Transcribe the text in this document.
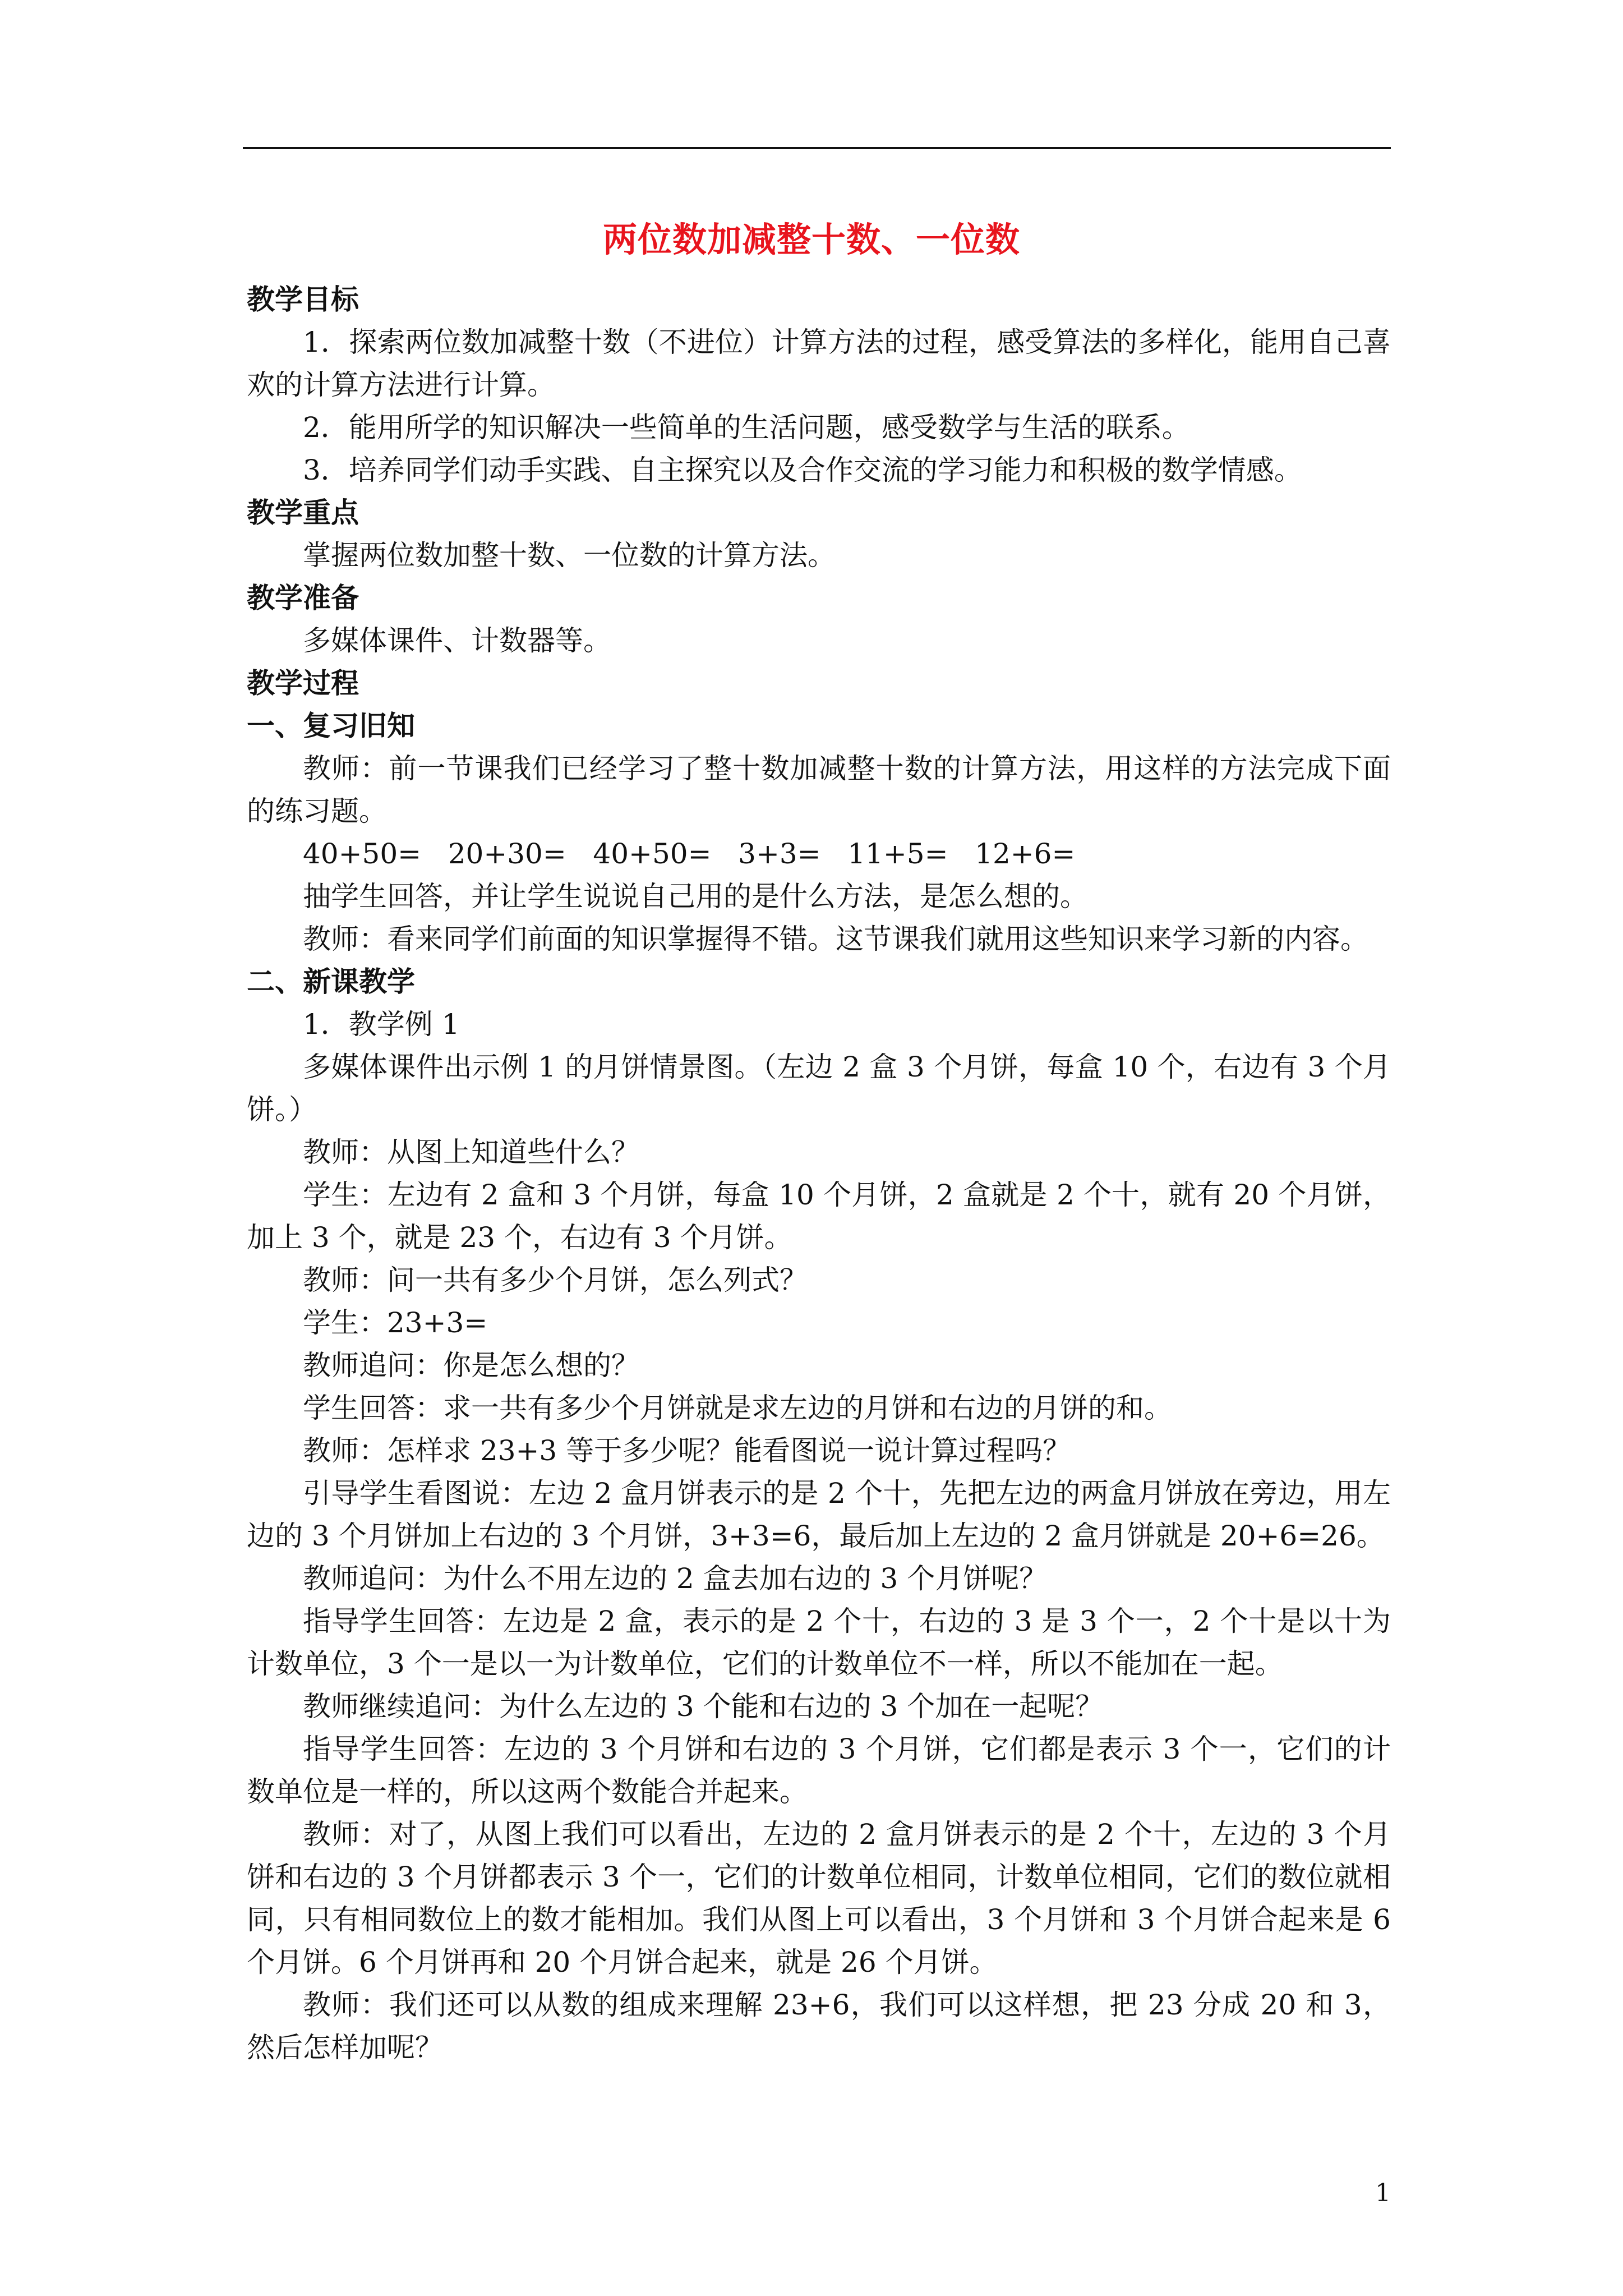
两位数加减整十数、一位数

教学目标

1．探索两位数加减整十数（不进位）计算方法的过程，感受算法的多样化，能用自己喜欢的计算方法进行计算。

2．能用所学的知识解决一些简单的生活问题，感受数学与生活的联系。

3．培养同学们动手实践、自主探究以及合作交流的学习能力和积极的数学情感。

教学重点

掌握两位数加整十数、一位数的计算方法。

教学准备

多媒体课件、计数器等。

教学过程

一、复习旧知

教师：前一节课我们已经学习了整十数加减整十数的计算方法，用这样的方法完成下面的练习题。

40+50=   20+30=   40+50=   3+3=   11+5=   12+6=

抽学生回答，并让学生说说自己用的是什么方法，是怎么想的。

教师：看来同学们前面的知识掌握得不错。这节课我们就用这些知识来学习新的内容。

二、新课教学

1．教学例 1

多媒体课件出示例 1 的月饼情景图。（左边 2 盒 3 个月饼，每盒 10 个，右边有 3 个月饼。）

教师：从图上知道些什么？

学生：左边有 2 盒和 3 个月饼，每盒 10 个月饼，2 盒就是 2 个十，就有 20 个月饼，加上 3 个，就是 23 个，右边有 3 个月饼。

教师：问一共有多少个月饼，怎么列式？

学生：23+3=

教师追问：你是怎么想的？

学生回答：求一共有多少个月饼就是求左边的月饼和右边的月饼的和。

教师：怎样求 23+3 等于多少呢？能看图说一说计算过程吗？

引导学生看图说：左边 2 盒月饼表示的是 2 个十，先把左边的两盒月饼放在旁边，用左边的 3 个月饼加上右边的 3 个月饼，3+3=6，最后加上左边的 2 盒月饼就是 20+6=26。

教师追问：为什么不用左边的 2 盒去加右边的 3 个月饼呢？

指导学生回答：左边是 2 盒，表示的是 2 个十，右边的 3 是 3 个一，2 个十是以十为计数单位，3 个一是以一为计数单位，它们的计数单位不一样，所以不能加在一起。

教师继续追问：为什么左边的 3 个能和右边的 3 个加在一起呢？

指导学生回答：左边的 3 个月饼和右边的 3 个月饼，它们都是表示 3 个一，它们的计数单位是一样的，所以这两个数能合并起来。

教师：对了，从图上我们可以看出，左边的 2 盒月饼表示的是 2 个十，左边的 3 个月饼和右边的 3 个月饼都表示 3 个一，它们的计数单位相同，计数单位相同，它们的数位就相同，只有相同数位上的数才能相加。我们从图上可以看出，3 个月饼和 3 个月饼合起来是 6 个月饼。6 个月饼再和 20 个月饼合起来，就是 26 个月饼。

教师：我们还可以从数的组成来理解 23+6，我们可以这样想，把 23 分成 20 和 3，然后怎样加呢？

1
